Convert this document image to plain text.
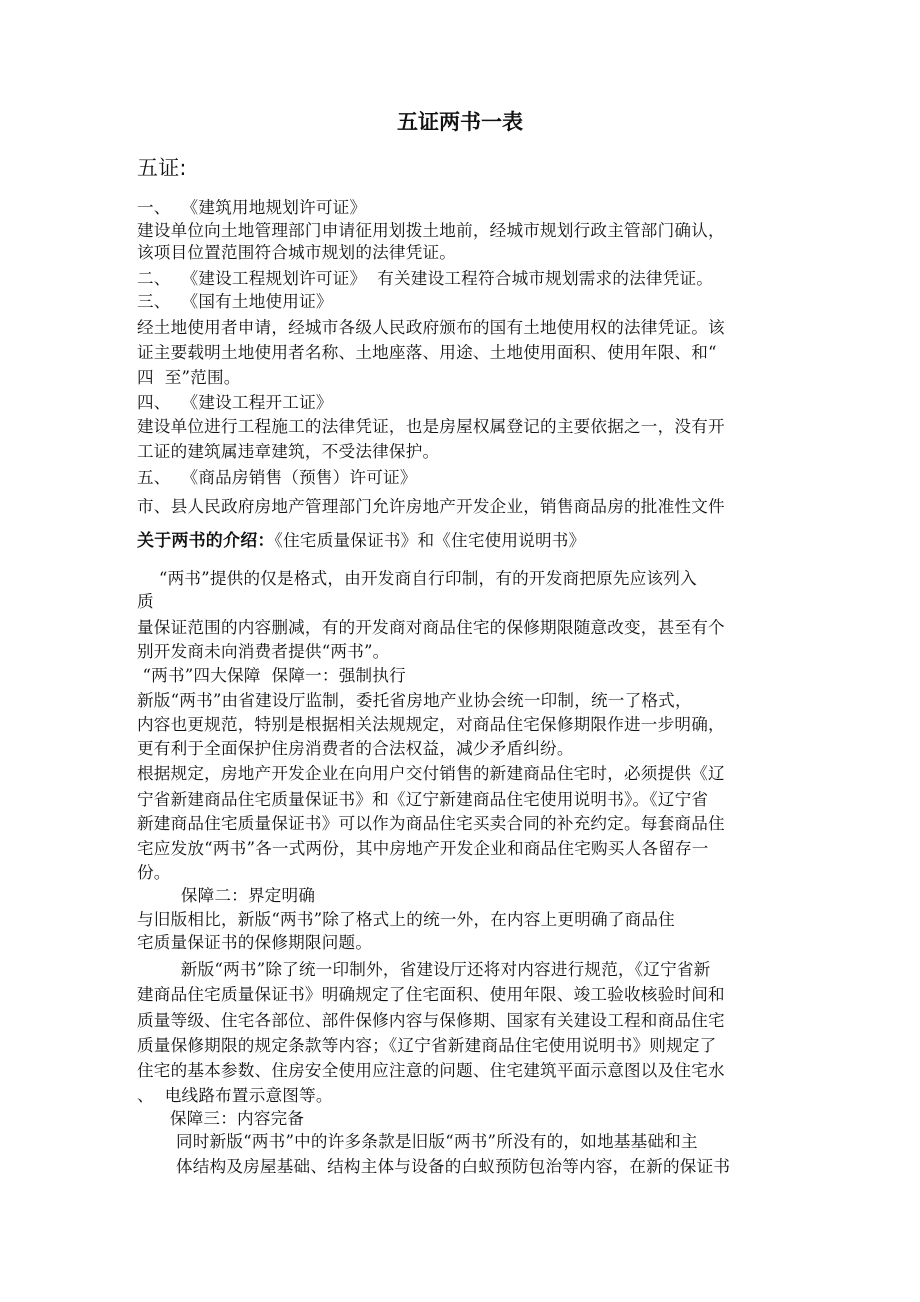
五证两书一表
五证:

一、  《建筑用地规划许可证》

建设单位向土地管理部门申请征用划拨土地前，经城市规划行政主管部门确认，

该项目位置范围符合城市规划的法律凭证。

二、  《建设工程规划许可证》  有关建设工程符合城市规划需求的法律凭证。

三、  《国有土地使用证》

经土地使用者申请，经城市各级人民政府颁布的国有土地使用权的法律凭证。该

证主要载明土地使用者名称、土地座落、用途、土地使用面积、使用年限、和“

四  至”范围。

四、  《建设工程开工证》

建设单位进行工程施工的法律凭证，也是房屋权属登记的主要依据之一，没有开

工证的建筑属违章建筑，不受法律保护。

五、  《商品房销售（预售）许可证》

市、县人民政府房地产管理部门允许房地产开发企业，销售商品房的批准性文件

关于两书的介绍：《住宅质量保证书》和《住宅使用说明书》

“两书”提供的仅是格式，由开发商自行印制，有的开发商把原先应该列入

质

量保证范围的内容删减，有的开发商对商品住宅的保修期限随意改变，甚至有个

别开发商未向消费者提供“两书”。

“两书”四大保障  保障一：强制执行

新版“两书”由省建设厅监制，委托省房地产业协会统一印制，统一了格式，

内容也更规范，特别是根据相关法规规定，对商品住宅保修期限作进一步明确，

更有利于全面保护住房消费者的合法权益，减少矛盾纠纷。

根据规定，房地产开发企业在向用户交付销售的新建商品住宅时，必须提供《辽

宁省新建商品住宅质量保证书》和《辽宁新建商品住宅使用说明书》。《辽宁省

新建商品住宅质量保证书》可以作为商品住宅买卖合同的补充约定。每套商品住

宅应发放“两书”各一式两份，其中房地产开发企业和商品住宅购买人各留存一

份。

保障二：界定明确

与旧版相比，新版“两书”除了格式上的统一外，在内容上更明确了商品住

宅质量保证书的保修期限问题。

新版“两书”除了统一印制外，省建设厅还将对内容进行规范，《辽宁省新

建商品住宅质量保证书》明确规定了住宅面积、使用年限、竣工验收核验时间和

质量等级、住宅各部位、部件保修内容与保修期、国家有关建设工程和商品住宅

质量保修期限的规定条款等内容；《辽宁省新建商品住宅使用说明书》则规定了

住宅的基本参数、住房安全使用应注意的问题、住宅建筑平面示意图以及住宅水

、  电线路布置示意图等。

保障三：内容完备

同时新版“两书”中的许多条款是旧版“两书”所没有的，如地基基础和主

体结构及房屋基础、结构主体与设备的白蚁预防包治等内容，在新的保证书
